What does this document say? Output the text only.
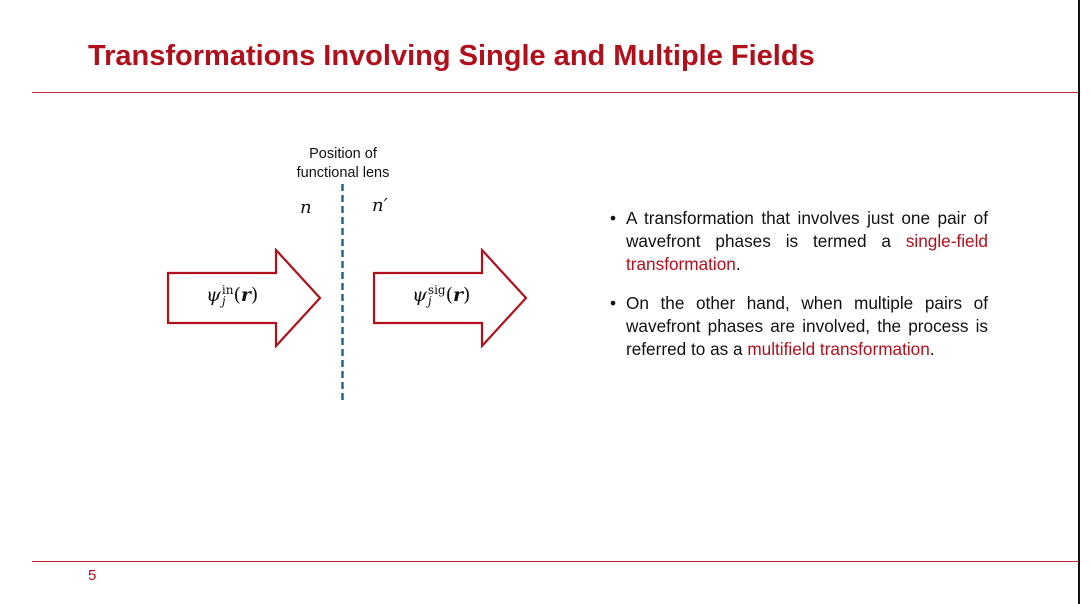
Transformations Involving Single and Multiple Fields
Position of
functional lens
n	n′
ψ in
j (r)	ψ sig
j (r)
• A transformation that involves just one pair of wavefront phases is termed a single-field transformation.
• On the other hand, when multiple pairs of wavefront phases are involved, the process is referred to as a multifield transformation.
5
